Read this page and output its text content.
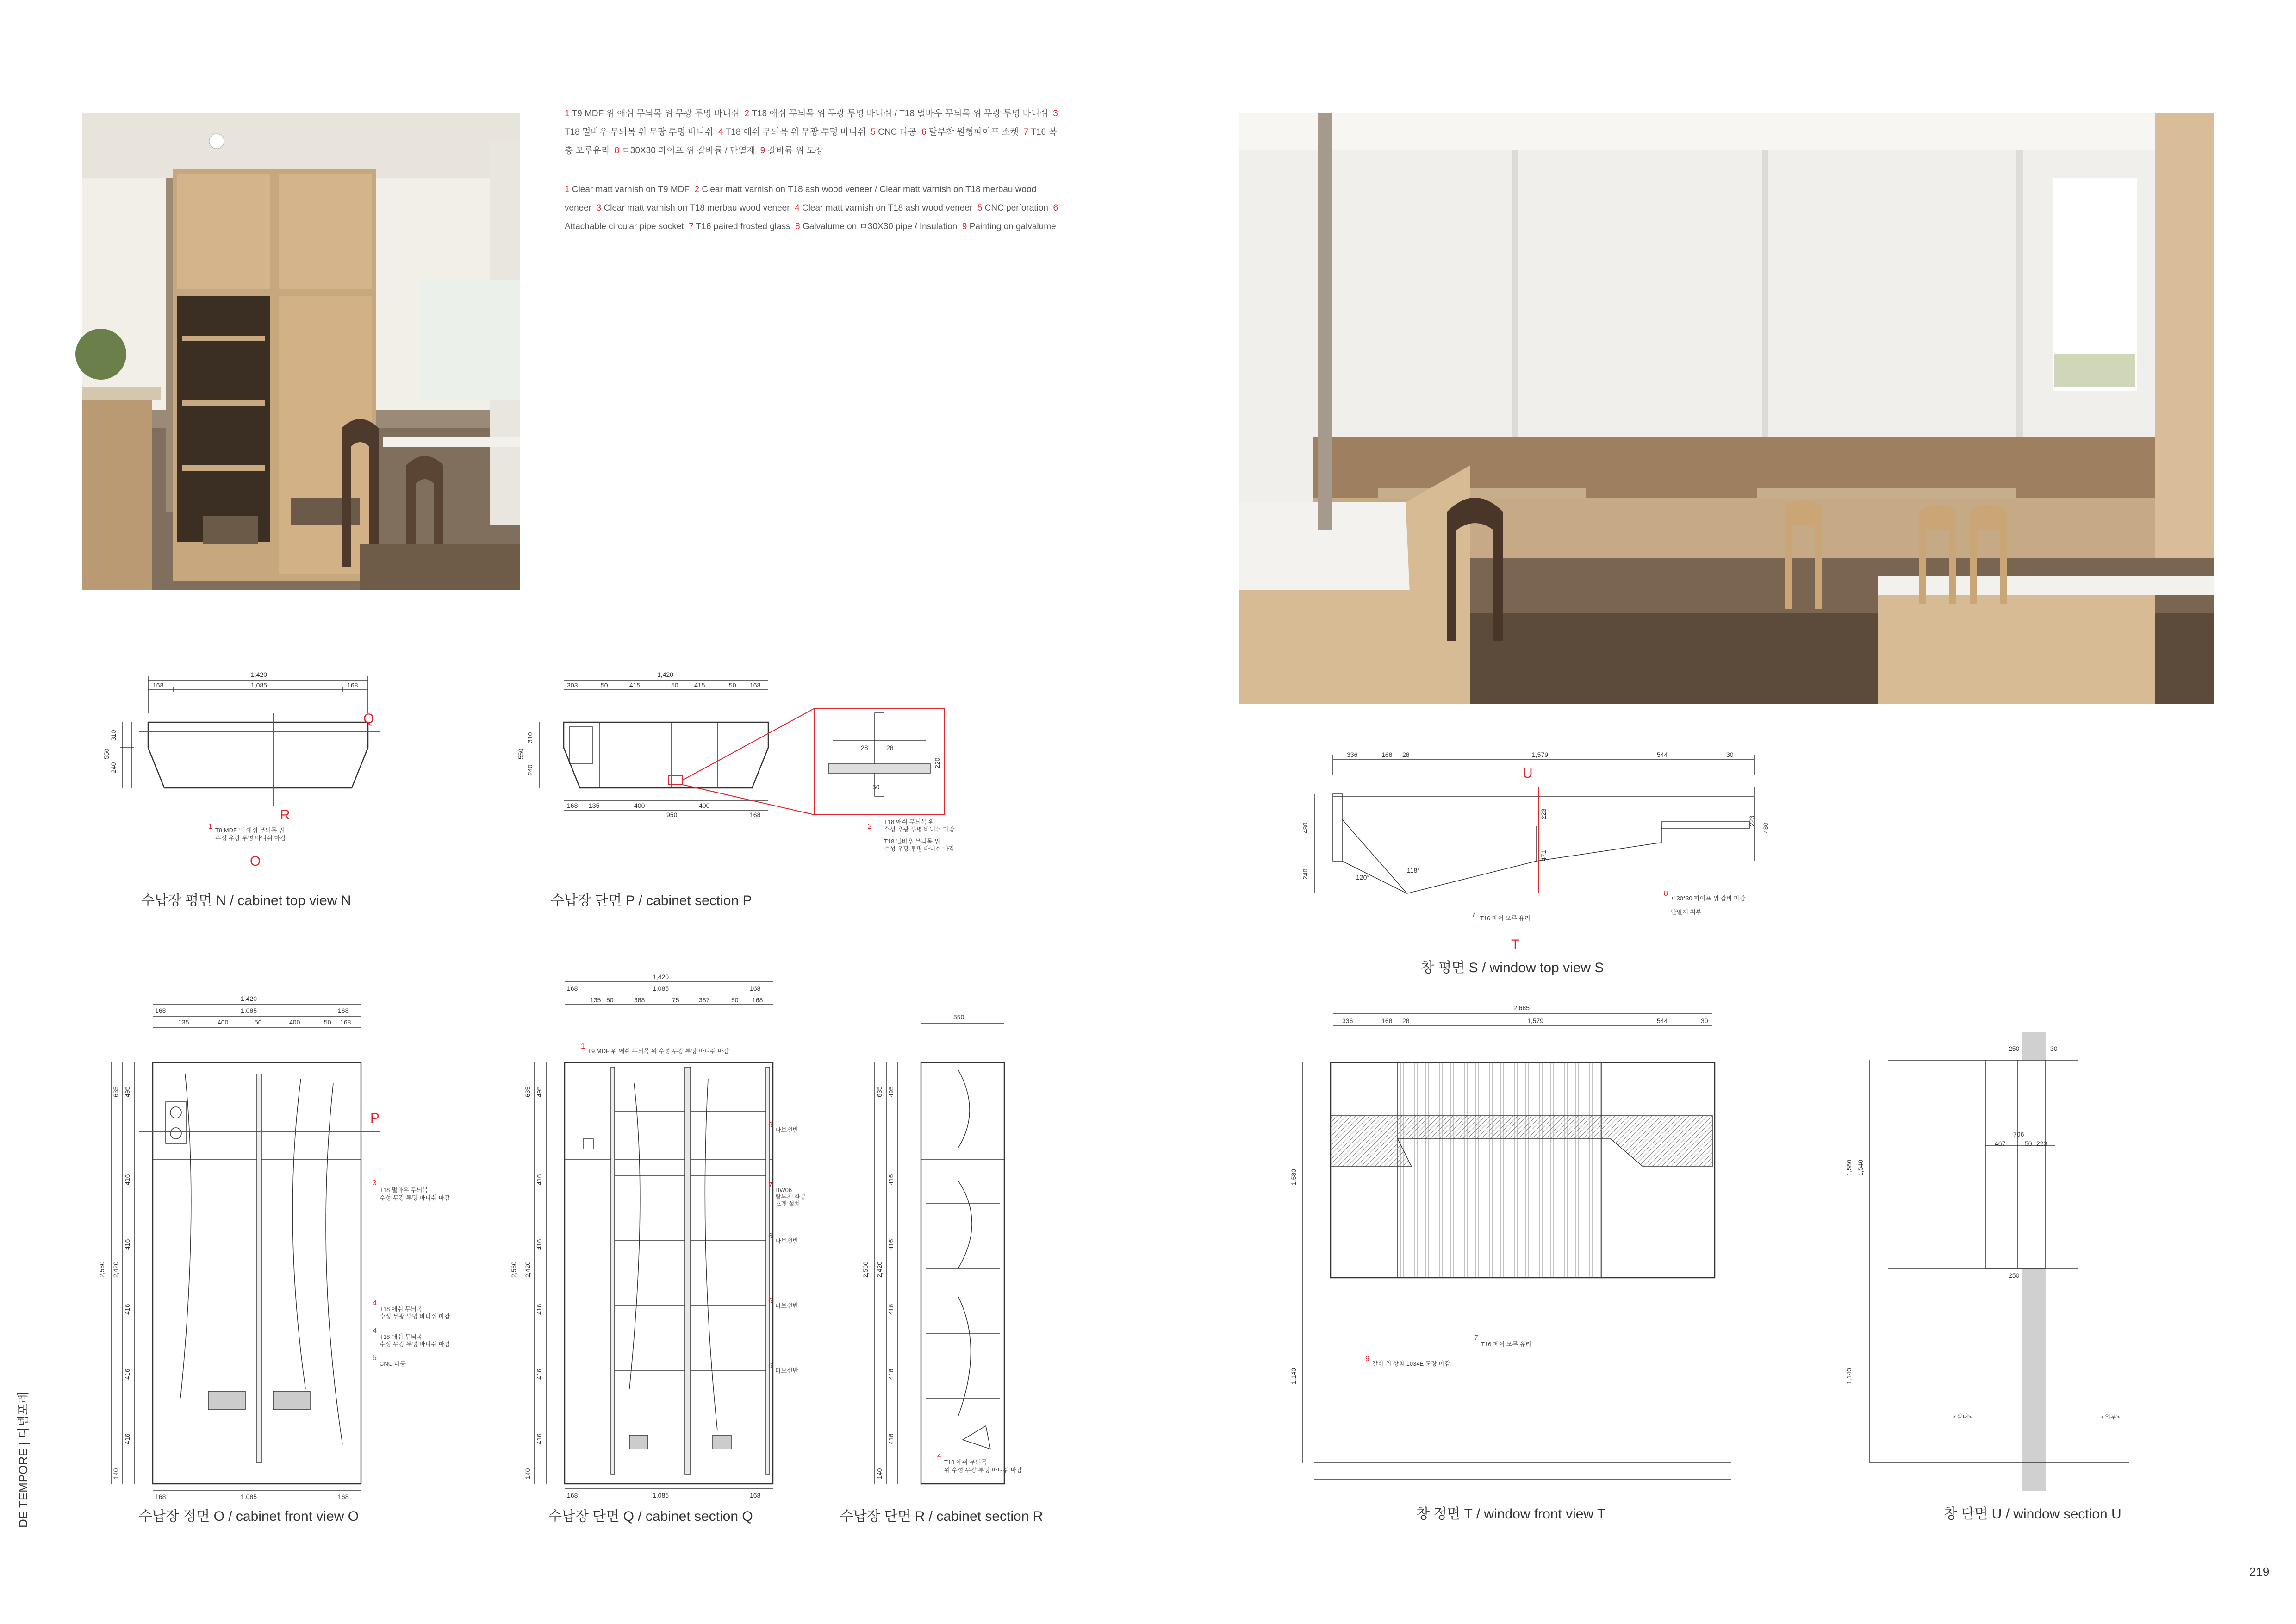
1 T9 MDF 위 애쉬 무늬목 위 무광 투명 바니쉬 2 T18 애쉬 무늬목 위 무광 투명 바니쉬 / T18 멀바우 무늬목 위 무광 투명 바니쉬 3 T18 멀바우 무늬목 위 무광 투명 바니쉬 4 T18 애쉬 무늬목 위 무광 투명 바니쉬 5 CNC 타공 6 탈부착 원형파이프 소켓 7 T16 복층 모루유리 8 ㅁ30X30 파이프 위 갈바륨 / 단열재 9 갈바륨 위 도장
1 Clear matt varnish on T9 MDF 2 Clear matt varnish on T18 ash wood veneer / Clear matt varnish on T18 merbau wood veneer 3 Clear matt varnish on T18 merbau wood veneer 4 Clear matt varnish on T18 ash wood veneer 5 CNC perforation 6 Attachable circular pipe socket 7 T16 paired frosted glass 8 Galvalume on ㅁ30X30 pipe / Insulation 9 Painting on galvalume
1,420
1,085
168	168
310
240
550
Q
R
O
1 T9 MDF 위 애쉬 무늬목 위
수성 우광 투명 바니쉬 마감
수납장 평면 N / cabinet top view N
1,420
303	50	415	50 415	50 168
168 135	400	400
168
950
310
240
550
28	28
50
220
2
T18 애쉬 무늬목 위
수성 우광 투명 바니쉬 마감
T18 멀바우 무늬목 위
수성 우광 투명 바니쉬 마감
수납장 단면 P / cabinet section P
336	168 28	1,579	544	30
480
240
223
471
223
480
120°
118°
U
T
7 T16 페어 모루 유리
8
ㅁ30*30 파이프 위 갈바 마감
단열재 취부
창 평면 S / window top view S
1,420
1,085
168	168
135	400	50	400	50 168
2,560 2,420
635 495
416
416
416
416
416
140
168	1,085	168
P
3
T18 멀바우 무늬목
수성 무광 투명 바니쉬 마감
4
T18 애쉬 무늬목
수성 무광 투명 바니쉬 마감
4
T18 애쉬 무늬목
수성 무광 투명 바니쉬 마감
5
CNC 타공
수납장 정면 O / cabinet front view O
1,420
1,085
168	168
135 50	388	75	387	50 168
2,560 2,420
635 495
416
416
416
416
416
140
168	1,085	168
1
T9 MDF 위 애쉬 무늬목 위 수성 무광 투명 바니쉬 마감
6
다보선반
7
HW06
탈부착 환봉
소켓 설치
6
다보선반
6
다보선반
6
다보선반
수납장 단면 Q / cabinet section Q
550
2,560 2,420
635 495
416
416
416
416
416
140
4
T18 애쉬 무늬목
위 수성 무광 투명 바니쉬 마감
수납장 단면 R / cabinet section R
2,685
336	168 28	1,579	544	30
1,580
1,140
7
T16 페어 모루 유리
9
갈바 위 상화 1034E 도장 마감.
창 정면 T / window front view T
250	30
706
467	50 223
250
1,580 1,540
1,140
<실내>	<외부>
창 단면 U / window section U
DE TEMPORE | 디템포레
219
